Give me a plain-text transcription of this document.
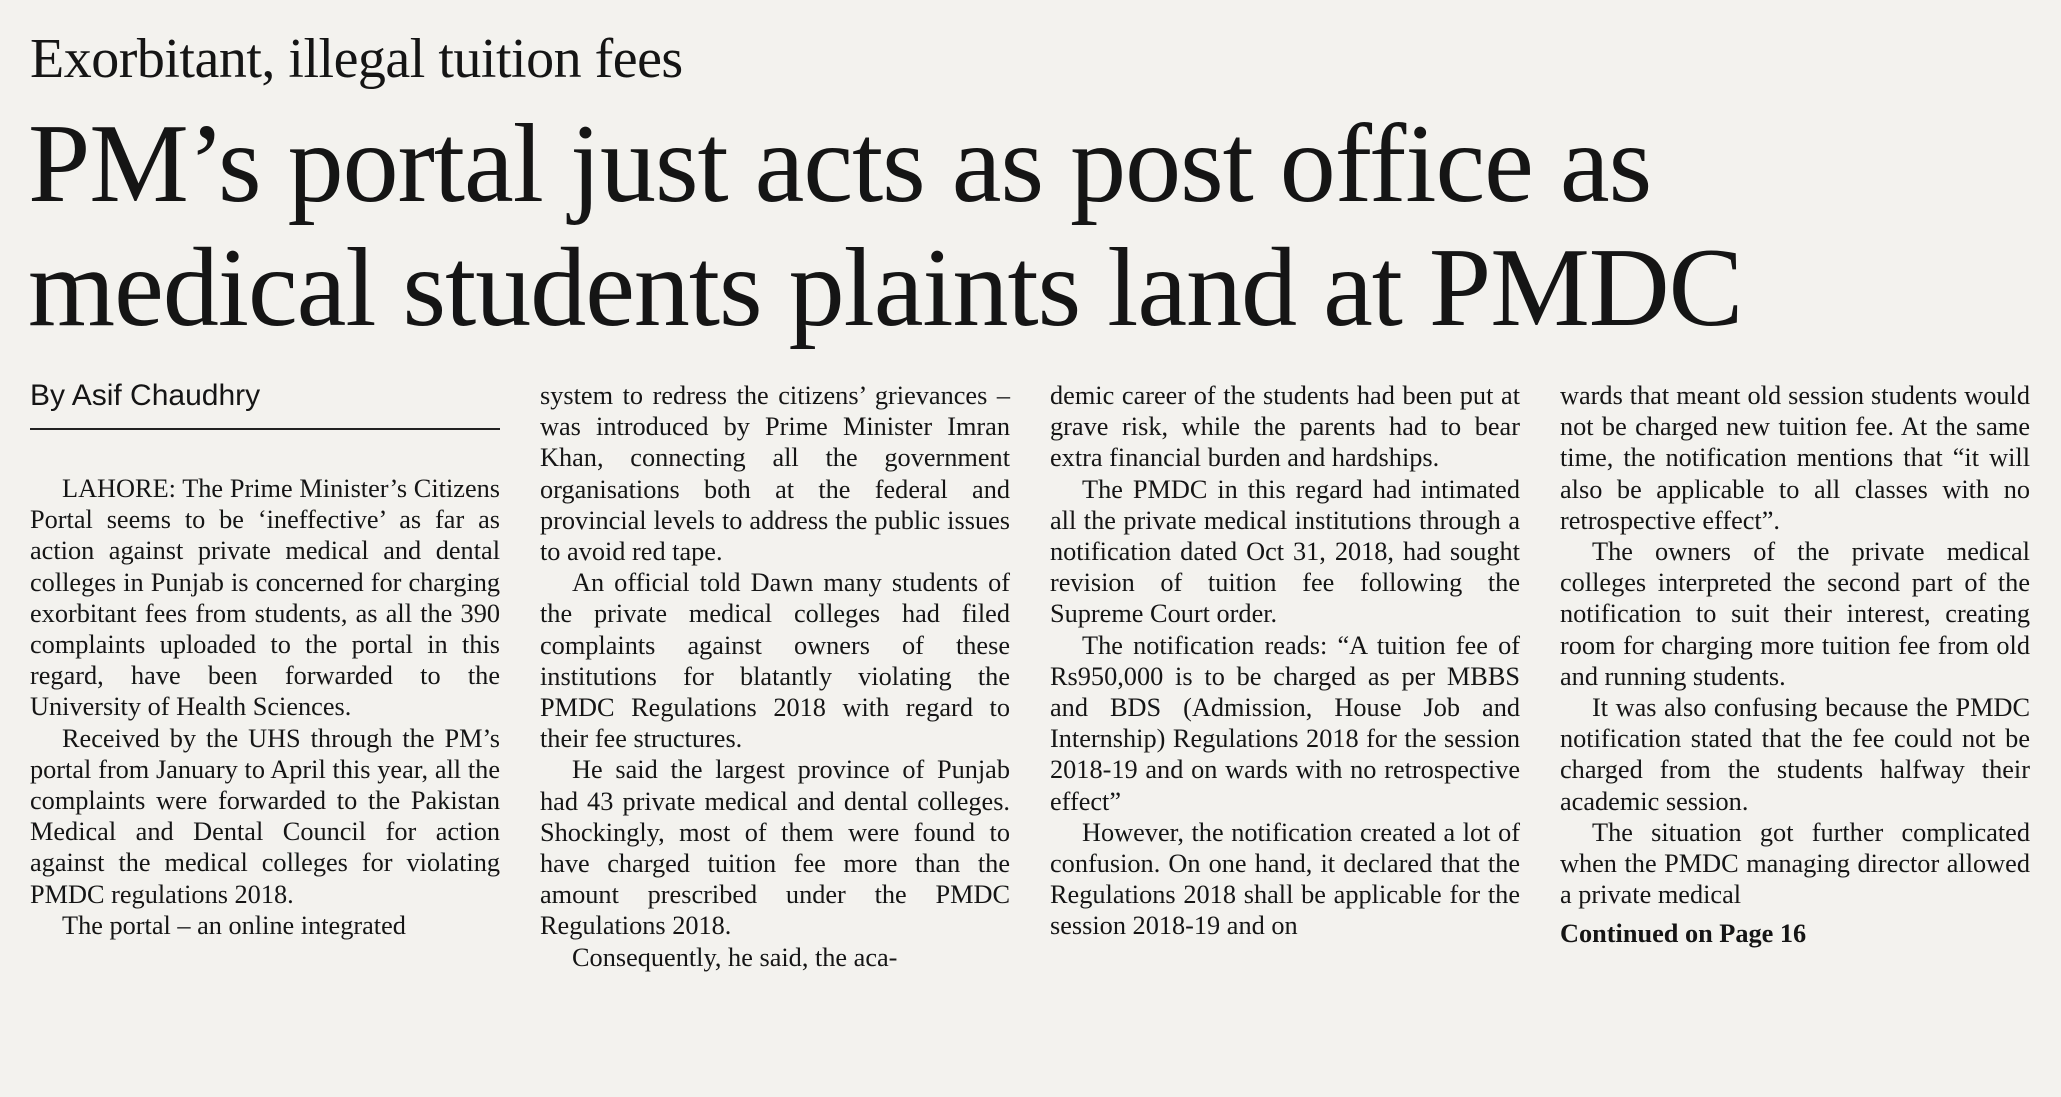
Exorbitant, illegal tuition fees
PM’s portal just acts as post office as
medical students plaints land at PMDC
By Asif Chaudhry

LAHORE: The Prime Minister’s Citizens Portal seems to be ‘ineffective’ as far as action against private medical and dental colleges in Punjab is concerned for charging exorbitant fees from students, as all the 390 complaints uploaded to the portal in this regard, have been forwarded to the University of Health Sciences.

Received by the UHS through the PM’s portal from January to April this year, all the complaints were forwarded to the Pakistan Medical and Dental Council for action against the medical colleges for violating PMDC regulations 2018.

The portal – an online integrated

system to redress the citizens’ grievances – was introduced by Prime Minister Imran Khan, connecting all the government organisations both at the federal and provincial levels to address the public issues to avoid red tape.

An official told Dawn many students of the private medical colleges had filed complaints against owners of these institutions for blatantly violating the PMDC Regulations 2018 with regard to their fee structures.

He said the largest province of Punjab had 43 private medical and dental colleges. Shockingly, most of them were found to have charged tuition fee more than the amount prescribed under the PMDC Regulations 2018.

Consequently, he said, the aca-

demic career of the students had been put at grave risk, while the parents had to bear extra financial burden and hardships.

The PMDC in this regard had intimated all the private medical institutions through a notification dated Oct 31, 2018, had sought revision of tuition fee following the Supreme Court order.

The notification reads: “A tuition fee of Rs950,000 is to be charged as per MBBS and BDS (Admission, House Job and Internship) Regulations 2018 for the session 2018-19 and on wards with no retrospective effect”

However, the notification created a lot of confusion. On one hand, it declared that the Regulations 2018 shall be applicable for the session 2018-19 and on

wards that meant old session students would not be charged new tuition fee. At the same time, the notification mentions that “it will also be applicable to all classes with no retrospective effect”.

The owners of the private medical colleges interpreted the second part of the notification to suit their interest, creating room for charging more tuition fee from old and running students.

It was also confusing because the PMDC notification stated that the fee could not be charged from the students halfway their academic session.

The situation got further complicated when the PMDC managing director allowed a private medical

Continued on Page 16
